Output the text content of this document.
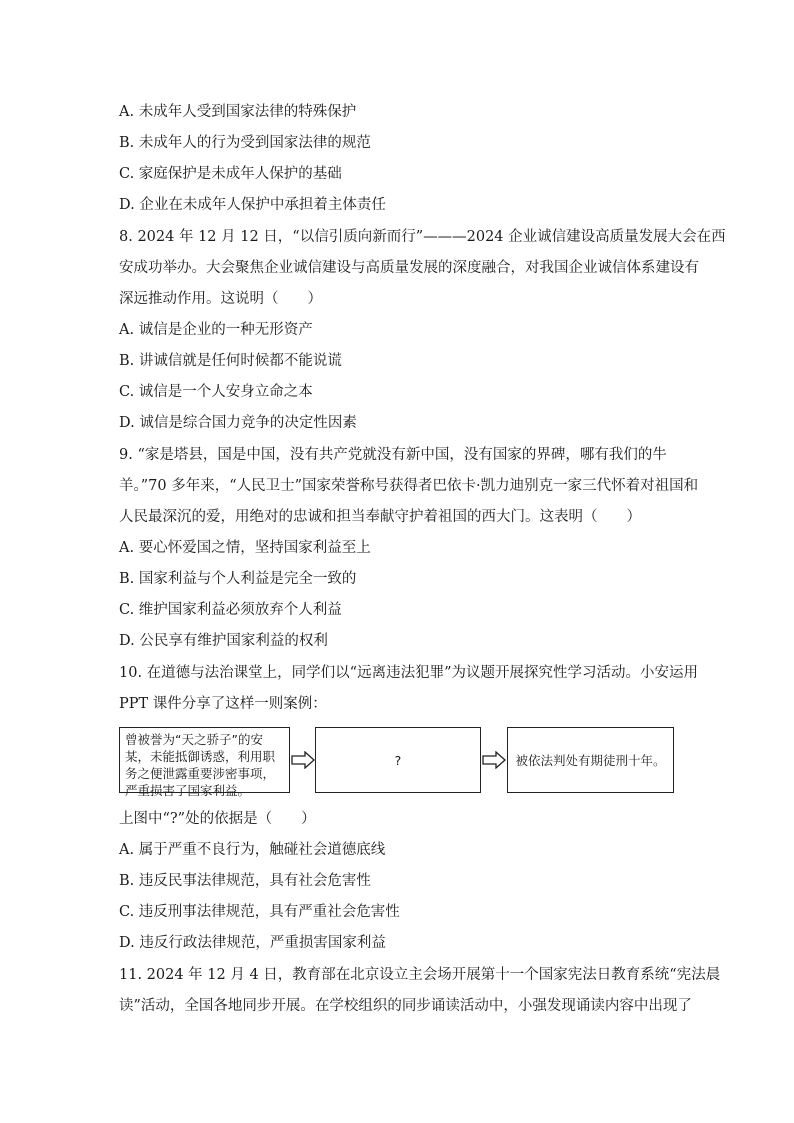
A. 未成年人受到国家法律的特殊保护
B. 未成年人的行为受到国家法律的规范
C. 家庭保护是未成年人保护的基础
D. 企业在未成年人保护中承担着主体责任
8. 2024 年 12 月 12 日，“以信引质向新而行”———2024 企业诚信建设高质量发展大会在西
安成功举办。大会聚焦企业诚信建设与高质量发展的深度融合，对我国企业诚信体系建设有
深远推动作用。这说明（　　）
A. 诚信是企业的一种无形资产
B. 讲诚信就是任何时候都不能说谎
C. 诚信是一个人安身立命之本
D. 诚信是综合国力竞争的决定性因素
9. “家是塔县，国是中国，没有共产党就没有新中国，没有国家的界碑，哪有我们的牛
羊。”70 多年来，“人民卫士”国家荣誉称号获得者巴依卡·凯力迪别克一家三代怀着对祖国和
人民最深沉的爱，用绝对的忠诚和担当奉献守护着祖国的西大门。这表明（　　）
A. 要心怀爱国之情，坚持国家利益至上
B. 国家利益与个人利益是完全一致的
C. 维护国家利益必须放弃个人利益
D. 公民享有维护国家利益的权利
10. 在道德与法治课堂上，同学们以“远离违法犯罪”为议题开展探究性学习活动。小安运用
PPT 课件分享了这样一则案例：
曾被誉为“天之骄子”的安
某，未能抵御诱惑，利用职
务之便泄露重要涉密事项，
严重损害了国家利益。
?	被依法判处有期徒刑十年。
上图中“?”处的依据是（　　）
A. 属于严重不良行为，触碰社会道德底线
B. 违反民事法律规范，具有社会危害性
C. 违反刑事法律规范，具有严重社会危害性
D. 违反行政法律规范，严重损害国家利益
11. 2024 年 12 月 4 日，教育部在北京设立主会场开展第十一个国家宪法日教育系统“宪法晨
读”活动，全国各地同步开展。在学校组织的同步诵读活动中，小强发现诵读内容中出现了
